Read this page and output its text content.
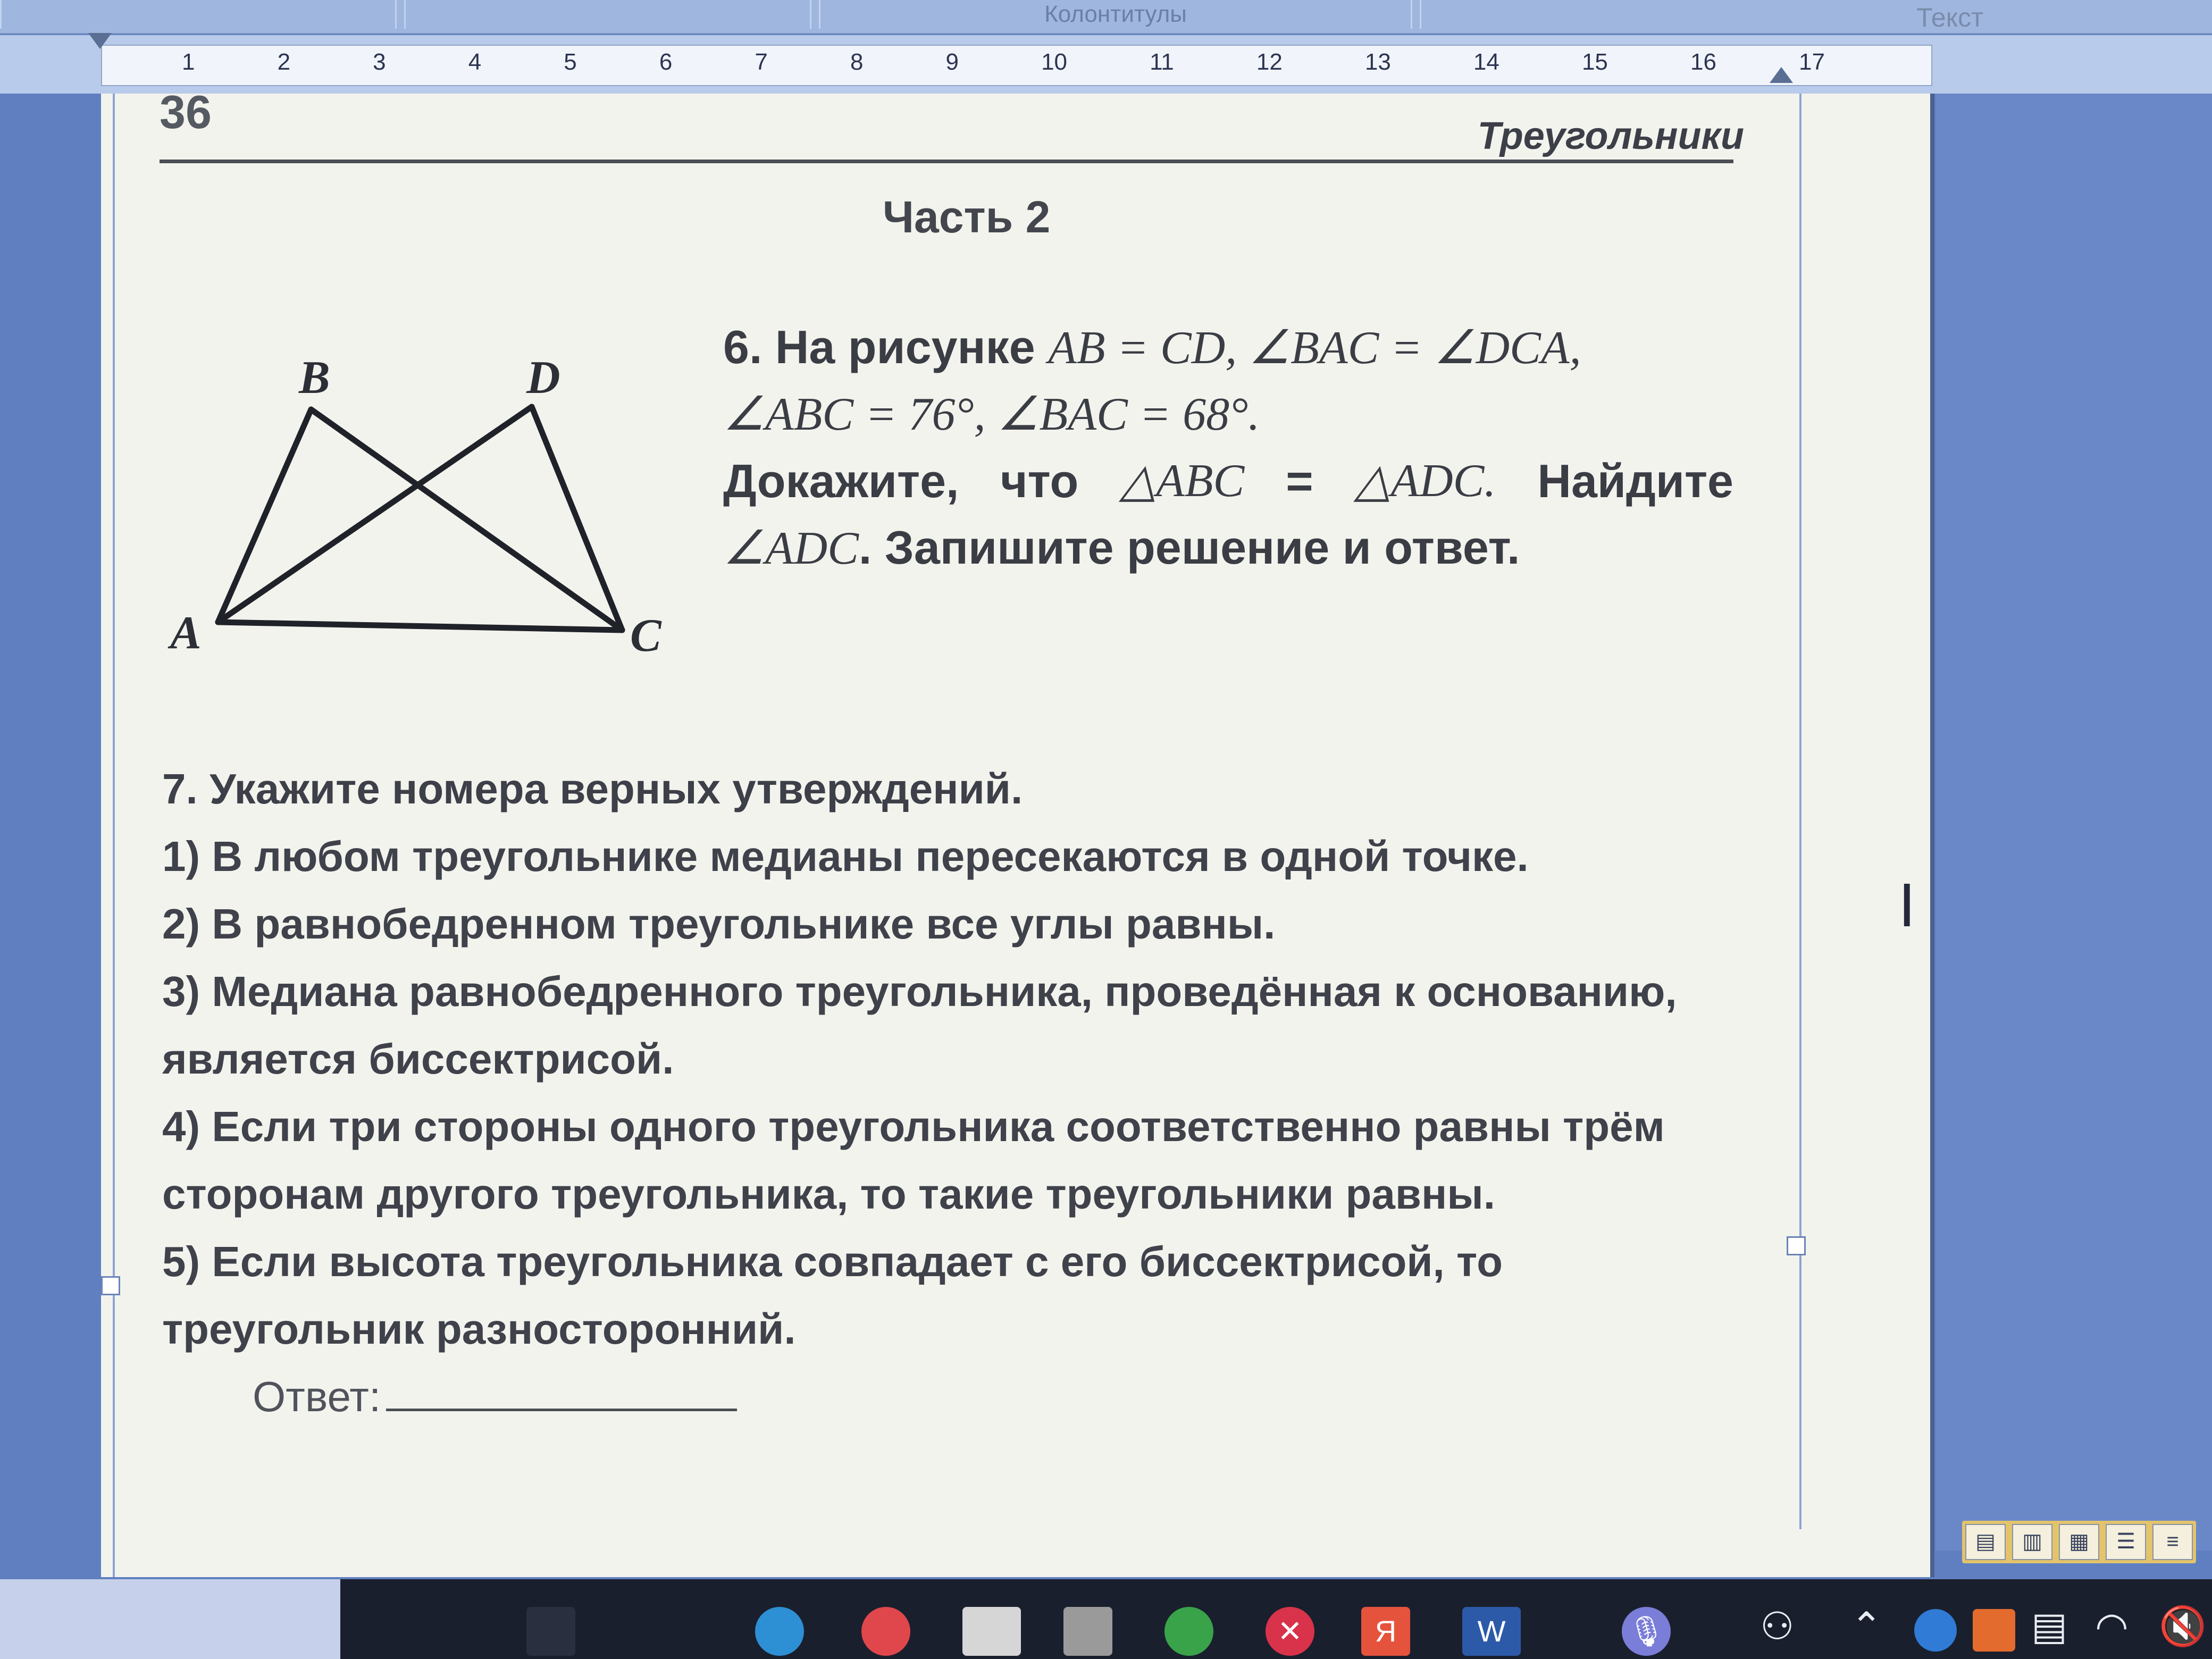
Колонтитулы	Текст
1	2	3	4	5	6	7	8	9	10	11	12	13	14	15	16	17
36	Треугольники
Часть 2
A
B
C
D
6. На рисунке AB = CD, ∠BAC = ∠DCA,
∠ABC = 76°, ∠BAC = 68°.
Докажите, что △ABC = △ADC. Найдите
∠ADC. Запишите решение и ответ.
7. Укажите номера верных утверждений.
1) В любом треугольнике медианы пересекаются в одной точке.
2) В равнобедренном треугольнике все углы равны.
3) Медиана равнобедренного треугольника, проведённая к основанию, являетcя биссектрисой.
4) Если три стороны одного треугольника соответственно равны трём сторонам другого треугольника, то такие треугольники равны.
5) Если высота треугольника совпадает с его биссектрисой, то треугольник разносторонний.
Ответ:
I
▤	▥	▦	☰	≡
✕	Я	W	🎙 ⚇ ⌃	▤ ◠ 🔇
